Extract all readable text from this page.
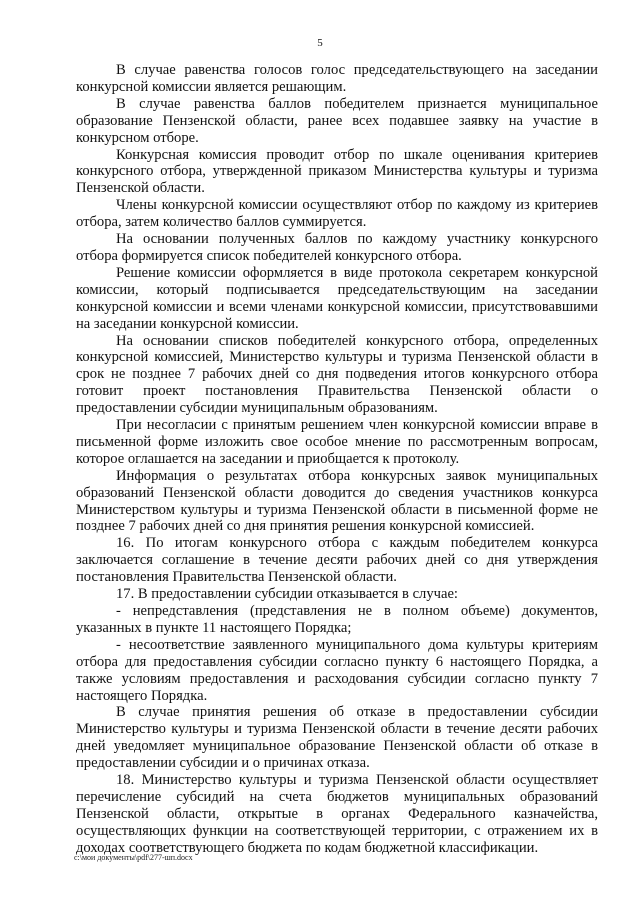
5

В случае равенства голосов голос председательствующего на заседании конкурсной комиссии является решающим.

В случае равенства баллов победителем признается муниципальное образование Пензенской области, ранее всех подавшее заявку на участие в конкурсном отборе.

Конкурсная комиссия проводит отбор по шкале оценивания критериев конкурсного отбора, утвержденной приказом Министерства культуры и туризма Пензенской области.

Члены конкурсной комиссии осуществляют отбор по каждому из критериев отбора, затем количество баллов суммируется.

На основании полученных баллов по каждому участнику конкурсного отбора формируется список победителей конкурсного отбора.

Решение комиссии оформляется в виде протокола секретарем конкурсной комиссии, который подписывается председательствующим на заседании конкурсной комиссии и всеми членами конкурсной комиссии, присутствовавшими на заседании конкурсной комиссии.

На основании списков победителей конкурсного отбора, определенных конкурсной комиссией, Министерство культуры и туризма Пензенской области в срок не позднее 7 рабочих дней со дня подведения итогов конкурсного отбора готовит проект постановления Правительства Пензенской области о предоставлении субсидии муниципальным образованиям.

При несогласии с принятым решением член конкурсной комиссии вправе в письменной форме изложить свое особое мнение по рассмотренным вопросам, которое оглашается на заседании и приобщается к протоколу.

Информация о результатах отбора конкурсных заявок муниципальных образований Пензенской области доводится до сведения участников конкурса Министерством культуры и туризма Пензенской области в письменной форме не позднее 7 рабочих дней со дня принятия решения конкурсной комиссией.

16. По итогам конкурсного отбора с каждым победителем конкурса заключается соглашение в течение десяти рабочих дней со дня утверждения постановления Правительства Пензенской области.

17. В предоставлении субсидии отказывается в случае:

- непредставления (представления не в полном объеме) документов, указанных в пункте 11 настоящего Порядка;

- несоответствие заявленного муниципального дома культуры критериям отбора для предоставления субсидии согласно пункту 6 настоящего Порядка, а также условиям предоставления и расходования субсидии согласно пункту 7 настоящего Порядка.

В случае принятия решения об отказе в предоставлении субсидии Министерство культуры и туризма Пензенской области в течение десяти рабочих дней уведомляет муниципальное образование Пензенской области об отказе в предоставлении субсидии и о причинах отказа.

18. Министерство культуры и туризма Пензенской области осуществляет перечисление субсидий на счета бюджетов муниципальных образований Пензенской области, открытые в органах Федерального казначейства, осуществляющих функции на соответствующей территории, с отражением их в доходах соответствующего бюджета по кодам бюджетной классификации.

c:\мои документы\pdf\277-шп.docx
